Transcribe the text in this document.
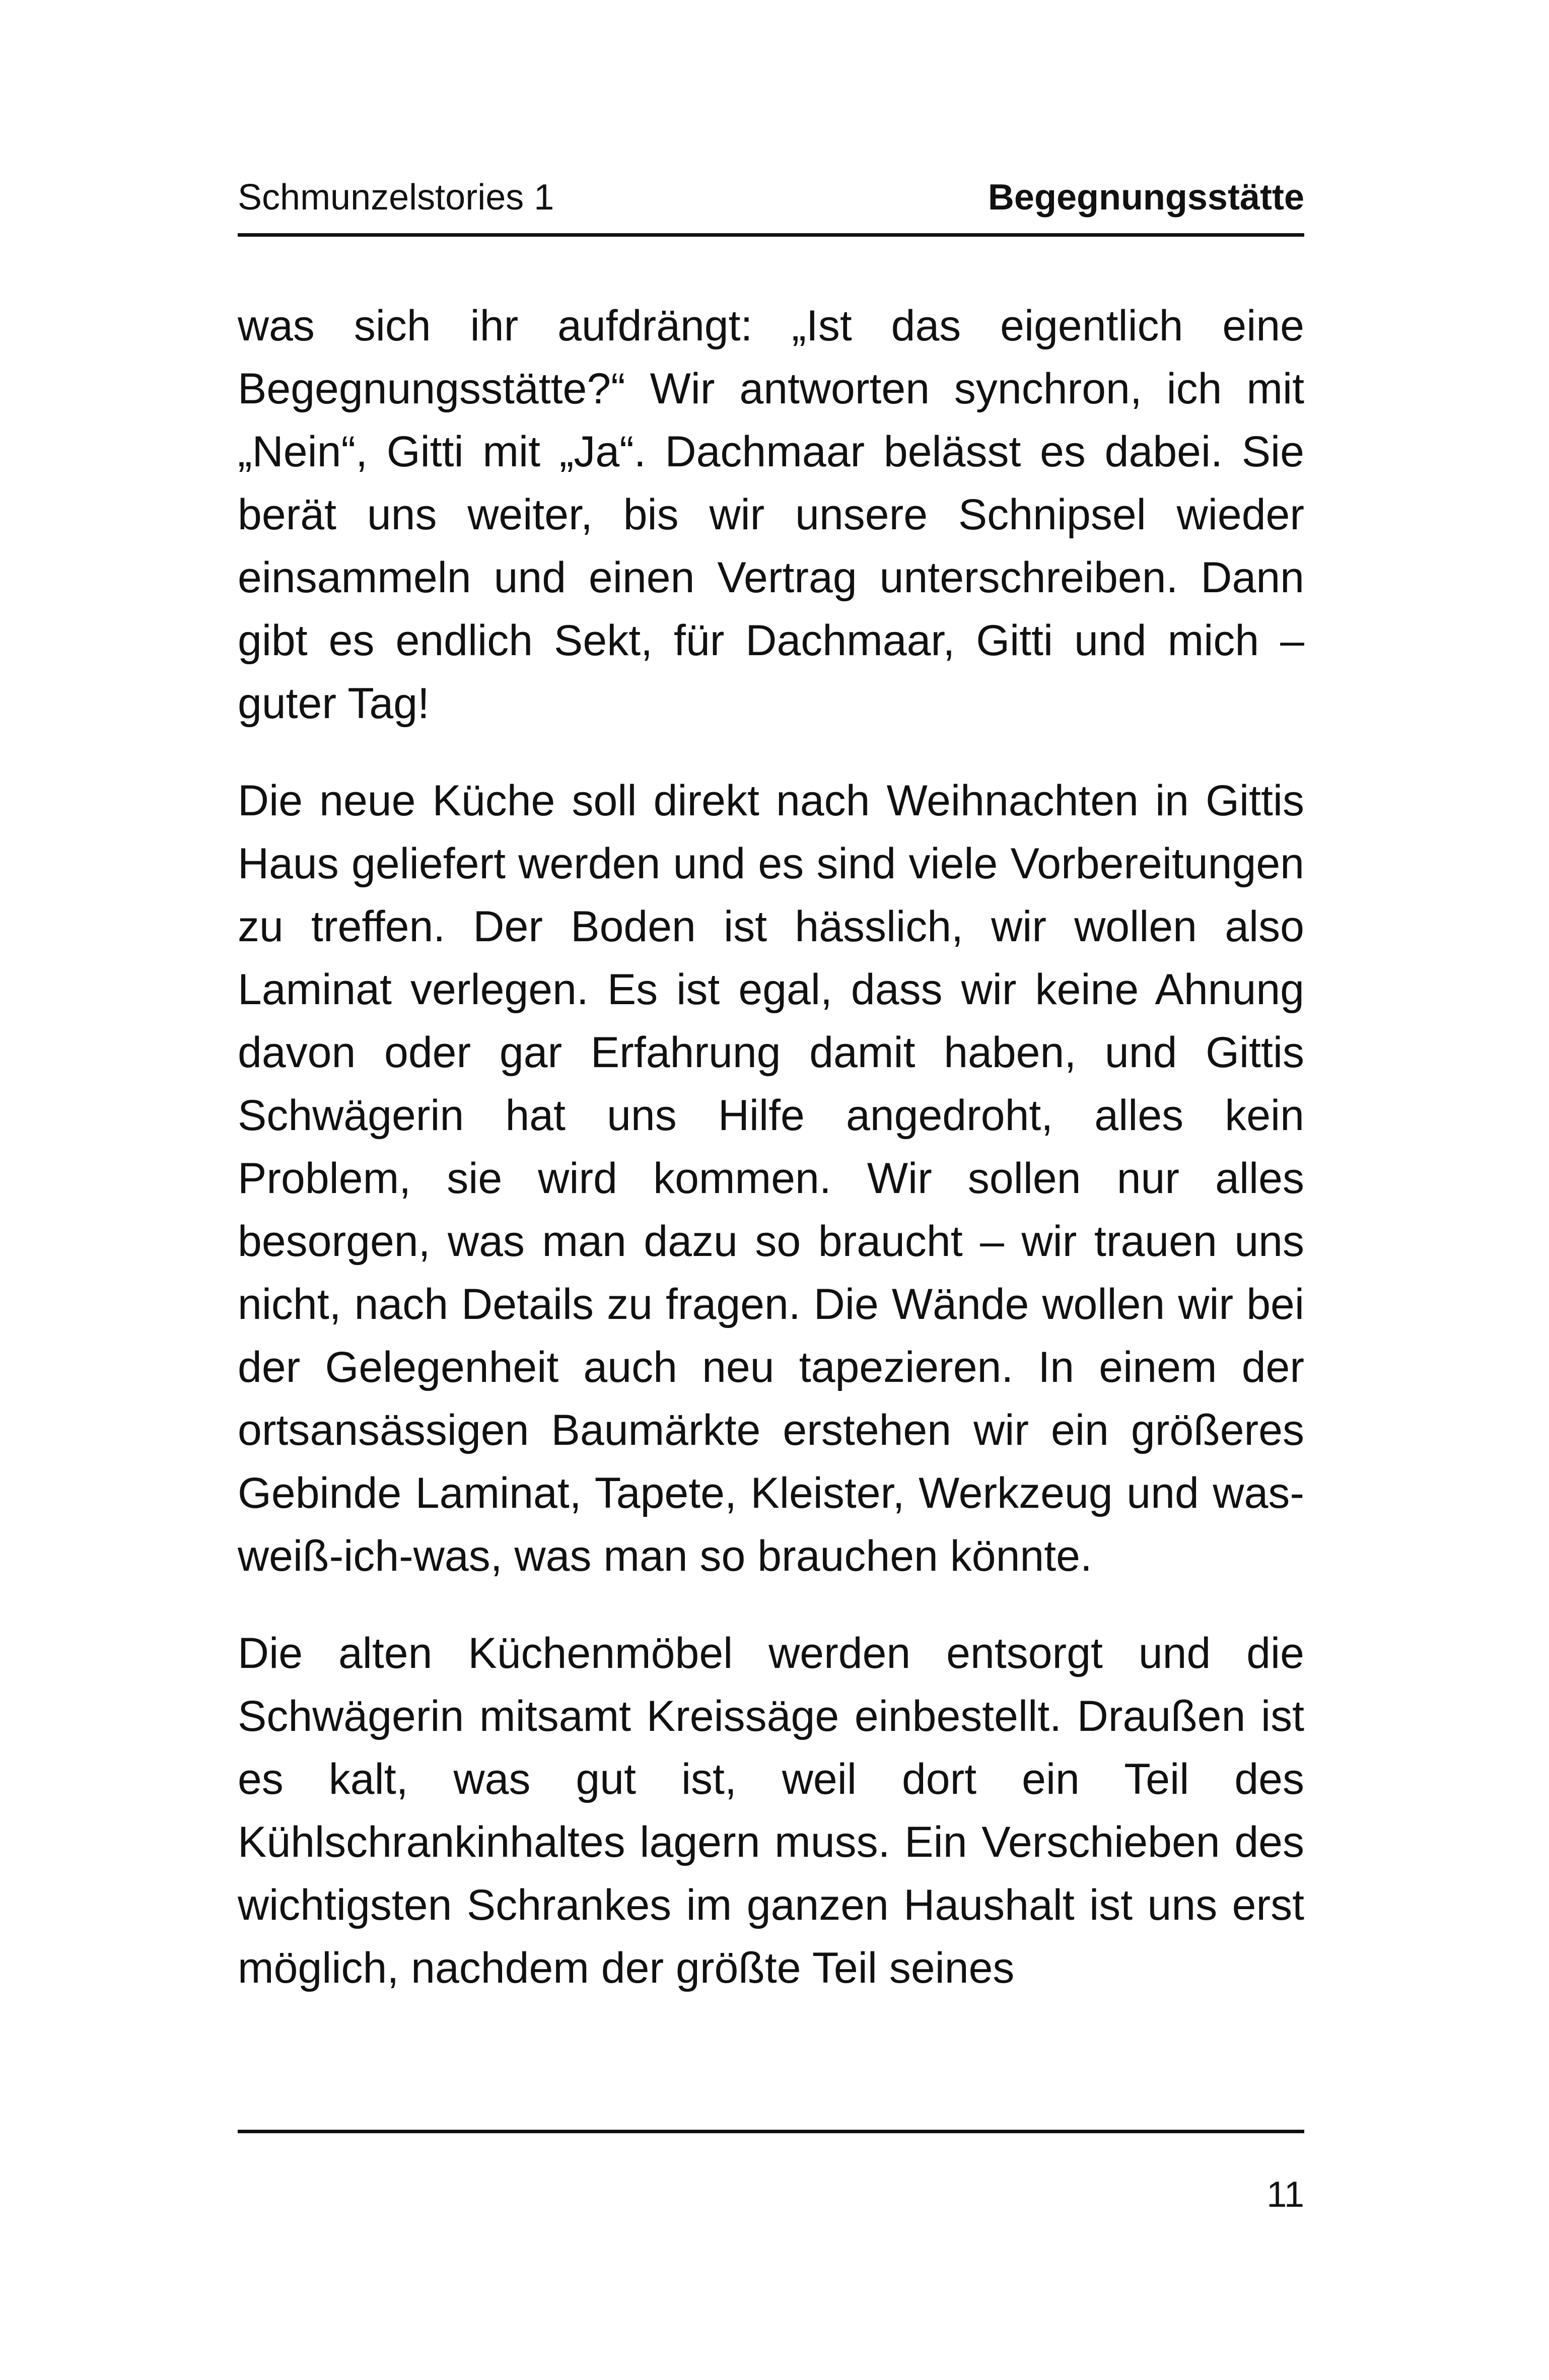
Schmunzelstories 1	Begegnungsstätte

was sich ihr aufdrängt: „Ist das eigentlich eine Begegnungsstätte?“ Wir antworten synchron, ich mit „Nein“, Gitti mit „Ja“. Dachmaar belässt es dabei. Sie berät uns weiter, bis wir unsere Schnipsel wieder einsammeln und einen Vertrag unterschreiben. Dann gibt es endlich Sekt, für Dachmaar, Gitti und mich – guter Tag!

Die neue Küche soll direkt nach Weihnachten in Gittis Haus geliefert werden und es sind viele Vorbereitungen zu treffen. Der Boden ist hässlich, wir wollen also Laminat verlegen. Es ist egal, dass wir keine Ahnung davon oder gar Erfahrung damit haben, und Gittis Schwägerin hat uns Hilfe angedroht, alles kein Problem, sie wird kommen. Wir sollen nur alles besorgen, was man dazu so braucht – wir trauen uns nicht, nach Details zu fragen. Die Wände wollen wir bei der Gelegenheit auch neu tapezieren. In einem der ortsansässigen Baumärkte erstehen wir ein größeres Gebinde Laminat, Tapete, Kleister, Werkzeug und was-weiß-ich-was, was man so brauchen könnte.

Die alten Küchenmöbel werden entsorgt und die Schwägerin mitsamt Kreissäge einbestellt. Draußen ist es kalt, was gut ist, weil dort ein Teil des Kühlschrankinhaltes lagern muss. Ein Verschieben des wichtigsten Schrankes im ganzen Haushalt ist uns erst möglich, nachdem der größte Teil seines

11
